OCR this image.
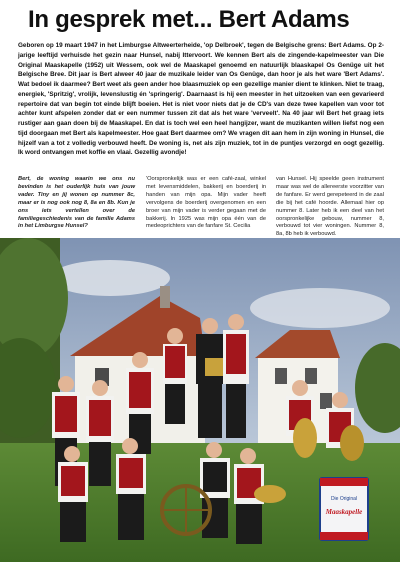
In gesprek met... Bert Adams
Geboren op 19 maart 1947 in het Limburgse Altweerterheide, 'op Delbroek', tegen de Belgische grens: Bert Adams. Op 2-jarige leeftijd verhuisde het gezin naar Hunsel, nabij Ittervoort. We kennen Bert als de zingende-kapelmeester van Die Original Maaskapelle (1952) uit Wessem, ook wel de Maaskapel genoemd en natuurlijk blaaskapel Os Genüge uit het Belgische Bree. Dit jaar is Bert alweer 40 jaar de muzikale leider van Os Genüge, dan hoor je als het ware 'Bert Adams'. Wat bedoel ik daarmee? Bert weet als geen ander hoe blaasmuziek op een gezellige manier dient te klinken. Niet te traag, energiek, 'Spritzig', vrolijk, levenslustig én 'springerig'. Daarnaast is hij een meester in het uitzoeken van een gevarieerd repertoire dat van begin tot einde blijft boeien. Het is niet voor niets dat je de CD's van deze twee kapellen van voor tot achter kunt afspelen zonder dat er een nummer tussen zit dat als het ware 'verveelt'. Na 40 jaar wil Bert het graag iets rustiger aan gaan doen bij de Maaskapel. En dat is toch wel een heel hangijzer, want de muzikanten willen liefst nog een tijd doorgaan met Bert als kapelmeester. Hoe gaat Bert daarmee om? We vragen dit aan hem in zijn woning in Hunsel, die hijzelf van a tot z volledig verbouwd heeft. De woning is, net als zijn muziek, tot in de puntjes verzorgd en oogt gezellig. Ik word ontvangen met koffie en vlaai. Gezellig avondje!
Bert, de woning waarin we ons nu bevinden is het ouderlijk huis van jouw vader. Tiny en jij wonen op nummer 8c, maar er is nog ook nog 8, 8a en 8b. Kun je ons iets vertellen over de familiegeschiedenis van de familie Adams in het Limburgse Hunsel?
'Oorspronkelijk was er een café-zaal, winkel met levensmiddelen, bakkerij en boerderij in handen van mijn opa. Mijn vader heeft vervolgens de boerderij overgenomen en een broer van mijn vader is verder gegaan met de bakkerij. In 1925 was mijn opa één van de medeoprichters van de fanfare St. Cecilia
van Hunsel. Hij speelde geen instrument maar was wel de allereerste voorzitter van de fanfare. Er werd gerepeteerd in de zaal die bij het café hoorde. Allemaal hier op nummer 8. Later heb ik een deel van het oorspronkelijke gebouw, nummer 8, verbouwd tot vier woningen. Nummer 8, 8a, 8b heb ik verbouwd.
Die Original
Maaskapelle
